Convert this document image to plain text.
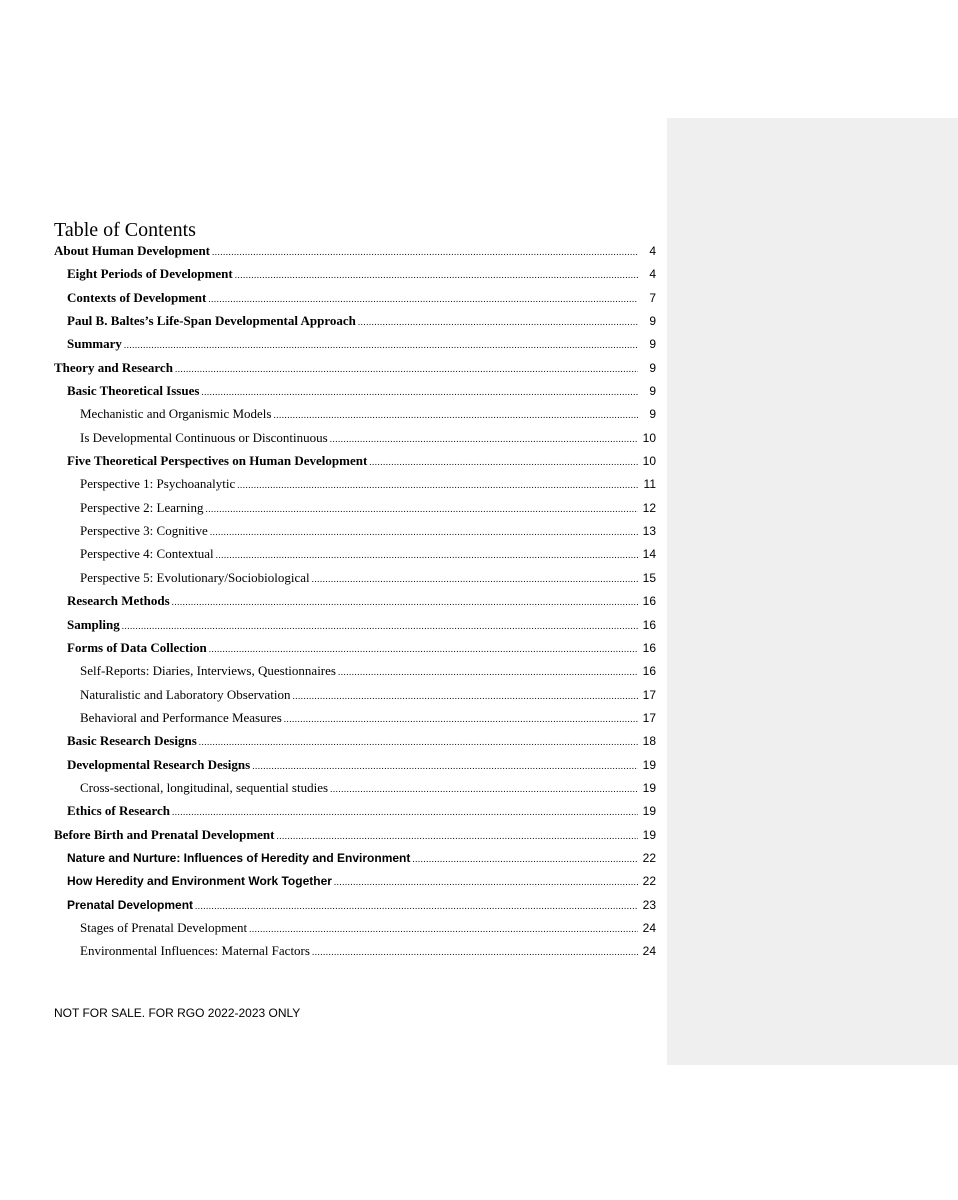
Table of Contents
About Human Development .....	4
Eight Periods of Development .....	4
Contexts of Development .....	7
Paul B. Baltes’s Life-Span Developmental Approach .....	9
Summary .....	9
Theory and Research .....	9
Basic Theoretical Issues .....	9
Mechanistic and Organismic Models .....	9
Is Developmental Continuous or Discontinuous .....	10
Five Theoretical Perspectives on Human Development .....	10
Perspective 1: Psychoanalytic .....	11
Perspective 2: Learning .....	12
Perspective 3: Cognitive .....	13
Perspective 4: Contextual .....	14
Perspective 5: Evolutionary/Sociobiological .....	15
Research Methods .....	16
Sampling .....	16
Forms of Data Collection .....	16
Self-Reports: Diaries, Interviews, Questionnaires .....	16
Naturalistic and Laboratory Observation .....	17
Behavioral and Performance Measures .....	17
Basic Research Designs .....	18
Developmental Research Designs .....	19
Cross-sectional, longitudinal, sequential studies .....	19
Ethics of Research .....	19
Before Birth and Prenatal Development .....	19
Nature and Nurture: Influences of Heredity and Environment .....	22
How Heredity and Environment Work Together .....	22
Prenatal Development .....	23
Stages of Prenatal Development .....	24
Environmental Influences: Maternal Factors .....	24
NOT FOR SALE. FOR RGO 2022-2023 ONLY
